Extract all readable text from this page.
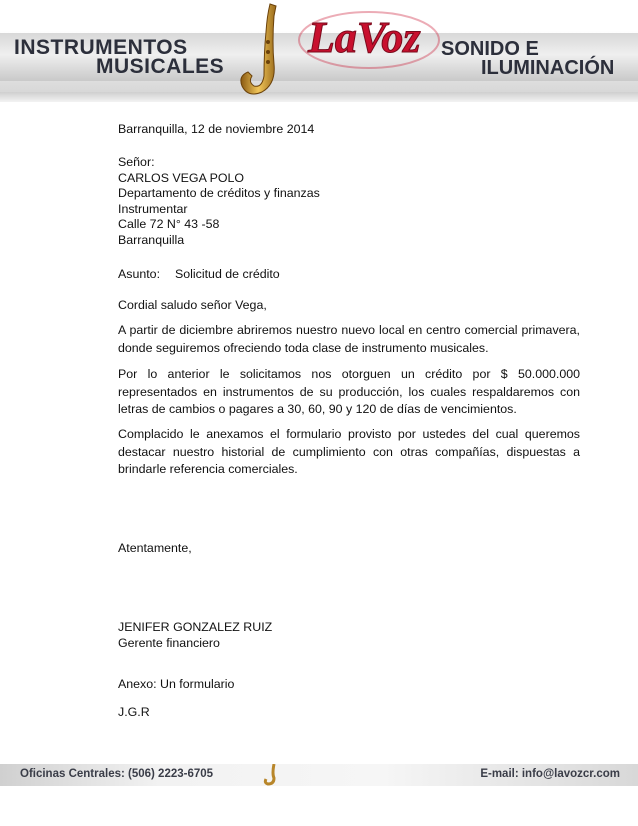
INSTRUMENTOS
MUSICALES
LaVoz SONIDO E
ILUMINACIÓN
Barranquilla, 12 de noviembre 2014
Señor:
CARLOS VEGA POLO
Departamento de créditos y finanzas
Instrumentar
Calle 72 N° 43 -58
Barranquilla
Asunto: Solicitud de crédito
Cordial saludo señor Vega,
A partir de diciembre abriremos nuestro nuevo local en centro comercial primavera, donde seguiremos ofreciendo toda clase de instrumento musicales.
Por lo anterior le solicitamos nos otorguen un crédito por $ 50.000.000 representados en instrumentos de su producción, los cuales respaldaremos con letras de cambios o pagares a 30, 60, 90 y 120 de días de vencimientos.
Complacido le anexamos el formulario provisto por ustedes del cual queremos destacar nuestro historial de cumplimiento con otras compañías, dispuestas a brindarle referencia comerciales.
Atentamente,
JENIFER GONZALEZ RUIZ
Gerente financiero
Anexo: Un formulario
J.G.R
Oficinas Centrales: (506) 2223-6705	E-mail: info@lavozcr.com
